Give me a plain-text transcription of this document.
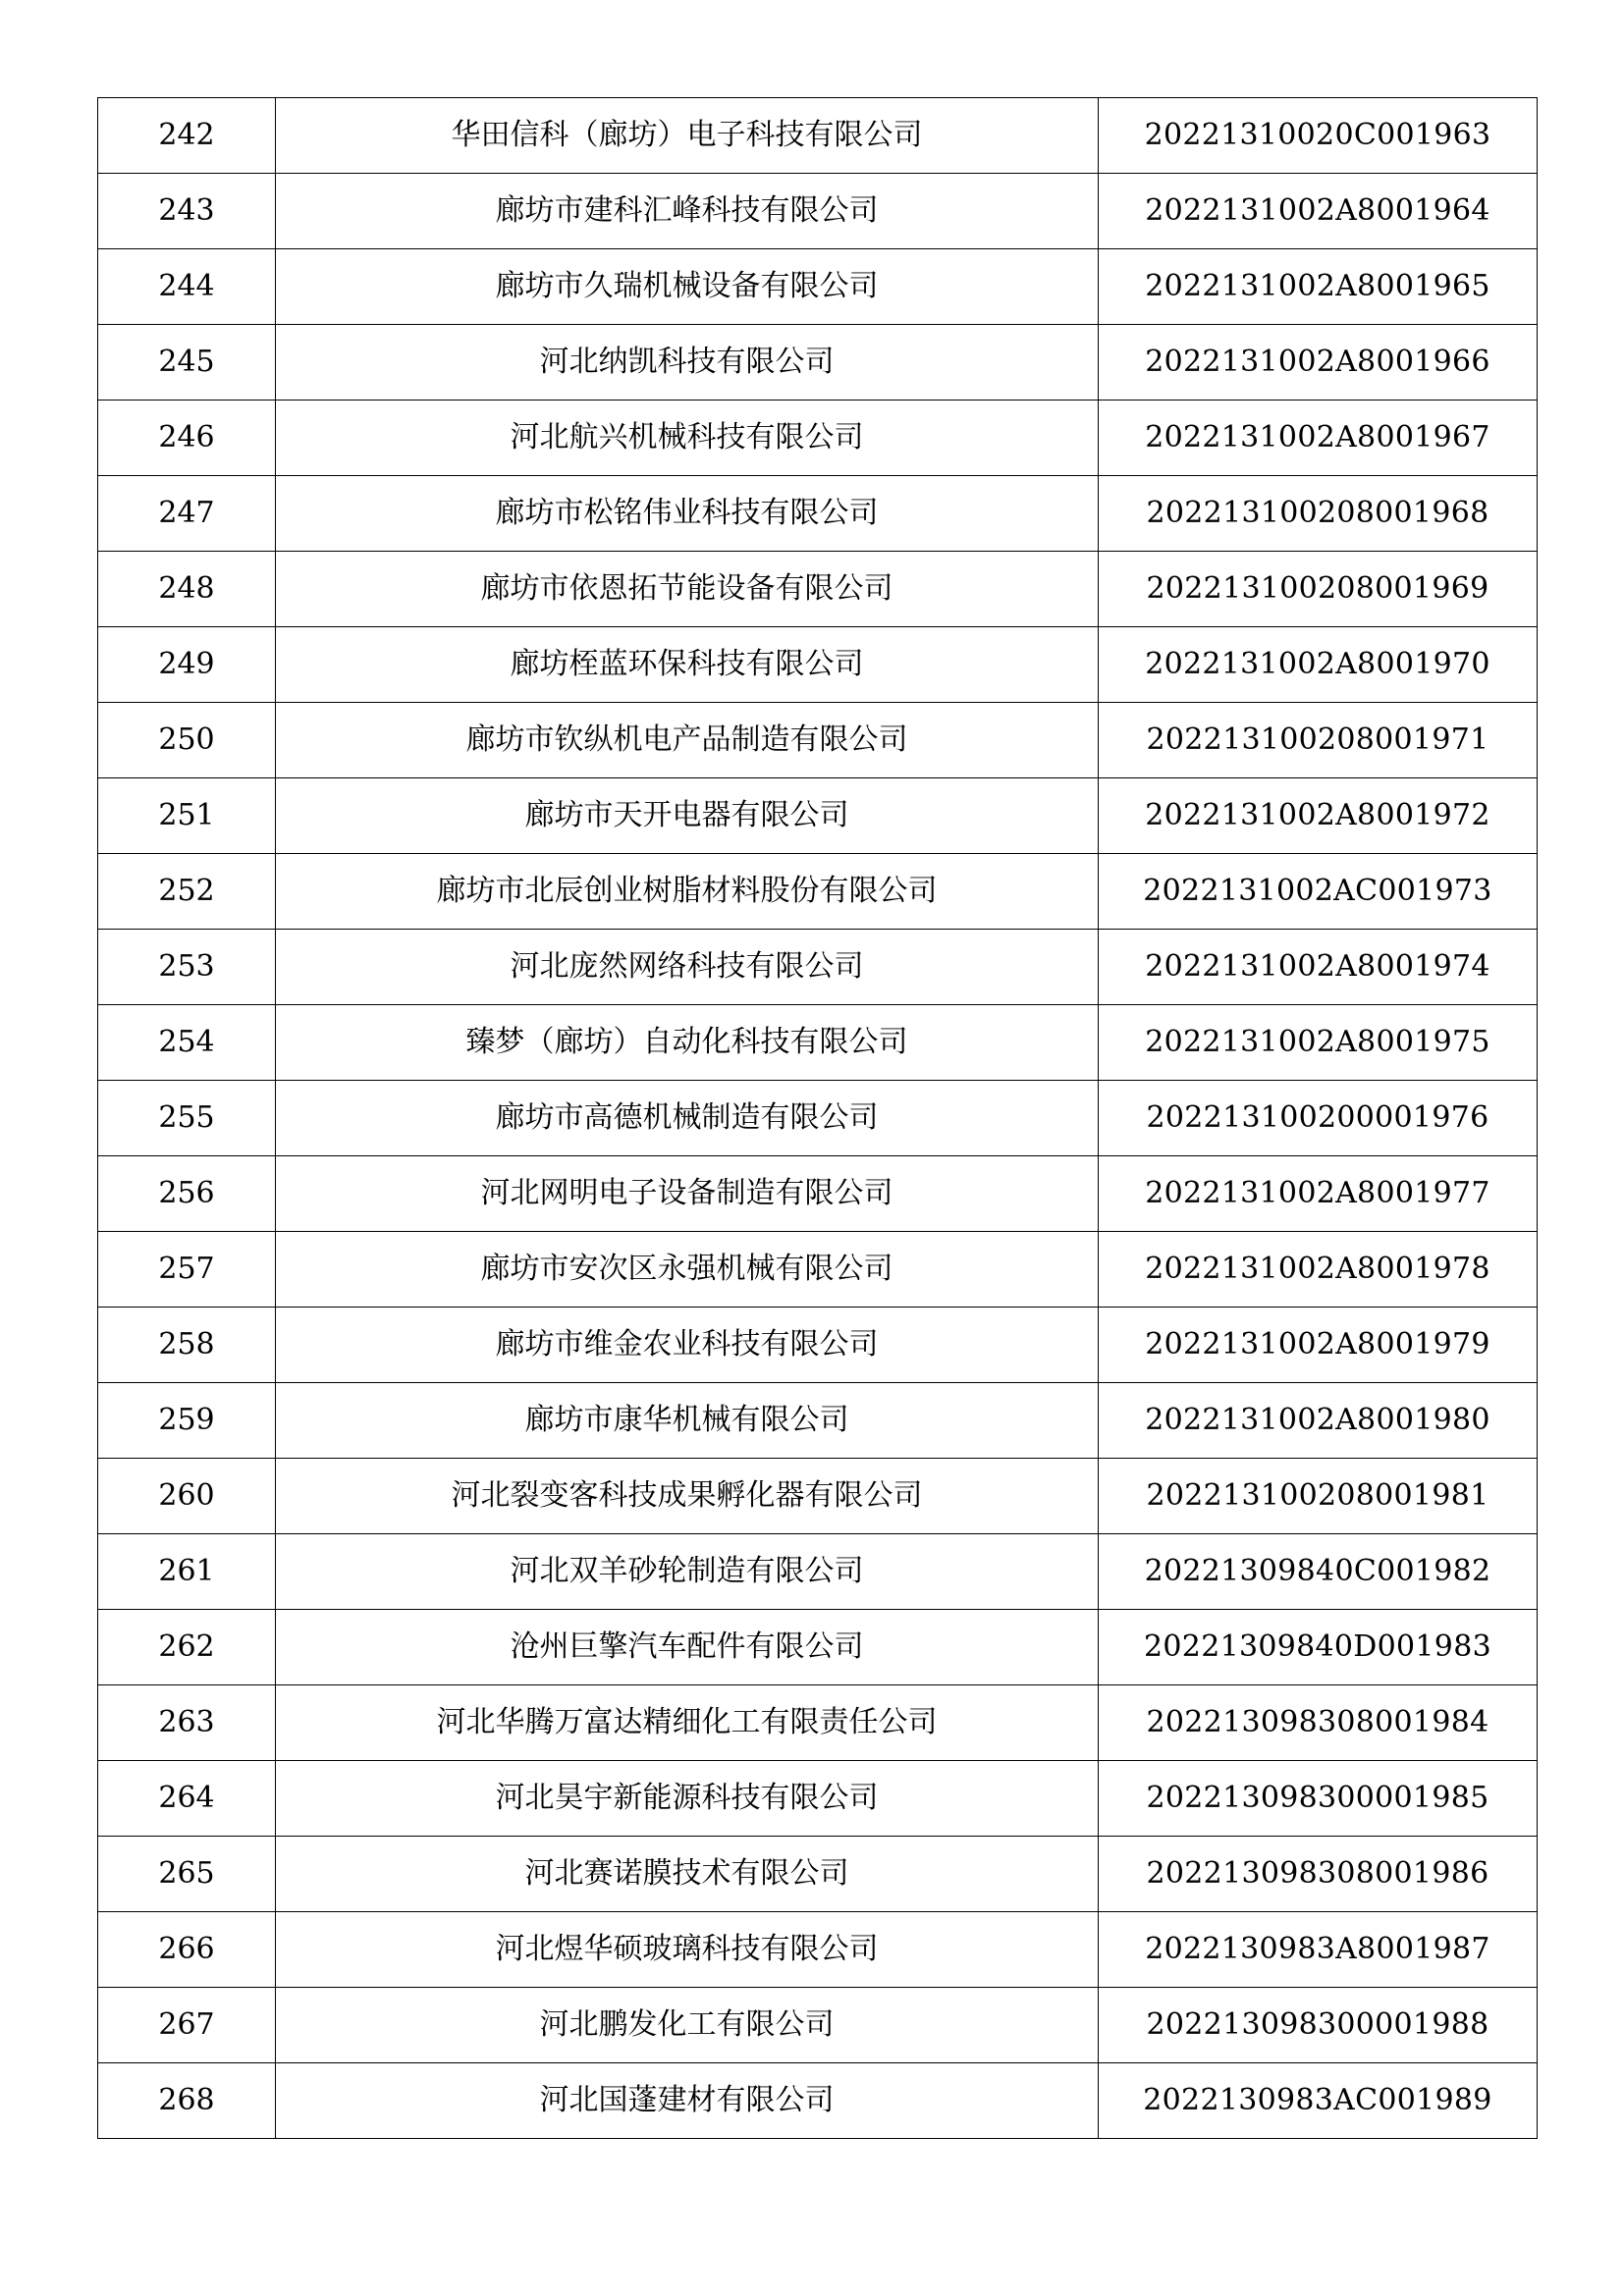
242	华田信科（廊坊）电子科技有限公司	20221310020C001963
243	廊坊市建科汇峰科技有限公司	2022131002A8001964
244	廊坊市久瑞机械设备有限公司	2022131002A8001965
245	河北纳凯科技有限公司	2022131002A8001966
246	河北航兴机械科技有限公司	2022131002A8001967
247	廊坊市松铭伟业科技有限公司	20221310020800196​8
248	廊坊市依恩拓节能设备有限公司	202213100208001969
249	廊坊桎蓝环保科技有限公司	2022131002A8001970
250	廊坊市钦纵机电产品制造有限公司	202213100208001971
251	廊坊市天开电器有限公司	2022131002A8001972
252	廊坊市北辰创业树脂材料股份有限公司	2022131002AC001973
253	河北庞然网络科技有限公司	2022131002A8001974
254	臻梦（廊坊）自动化科技有限公司	2022131002A8001975
255	廊坊市高德机械制造有限公司	202213100200001976
256	河北网明电子设备制造有限公司	2022131002A8001977
257	廊坊市安次区永强机械有限公司	2022131002A8001978
258	廊坊市维金农业科技有限公司	2022131002A8001979
259	廊坊市康华机械有限公司	2022131002A8001980
260	河北裂变客科技成果孵化器有限公司	202213100208001981
261	河北双羊砂轮制造有限公司	20221309840C001982
262	沧州巨擎汽车配件有限公司	20221309840D001983
263	河北华腾万富达精细化工有限责任公司	202213098308001984
264	河北昊宇新能源科技有限公司	202213098300001985
265	河北赛诺膜技术有限公司	202213098308001986
266	河北煜华硕玻璃科技有限公司	2022130983A8001987
267	河北鹏发化工有限公司	202213098300001988
268	河北国蓬建材有限公司	2022130983AC001989
